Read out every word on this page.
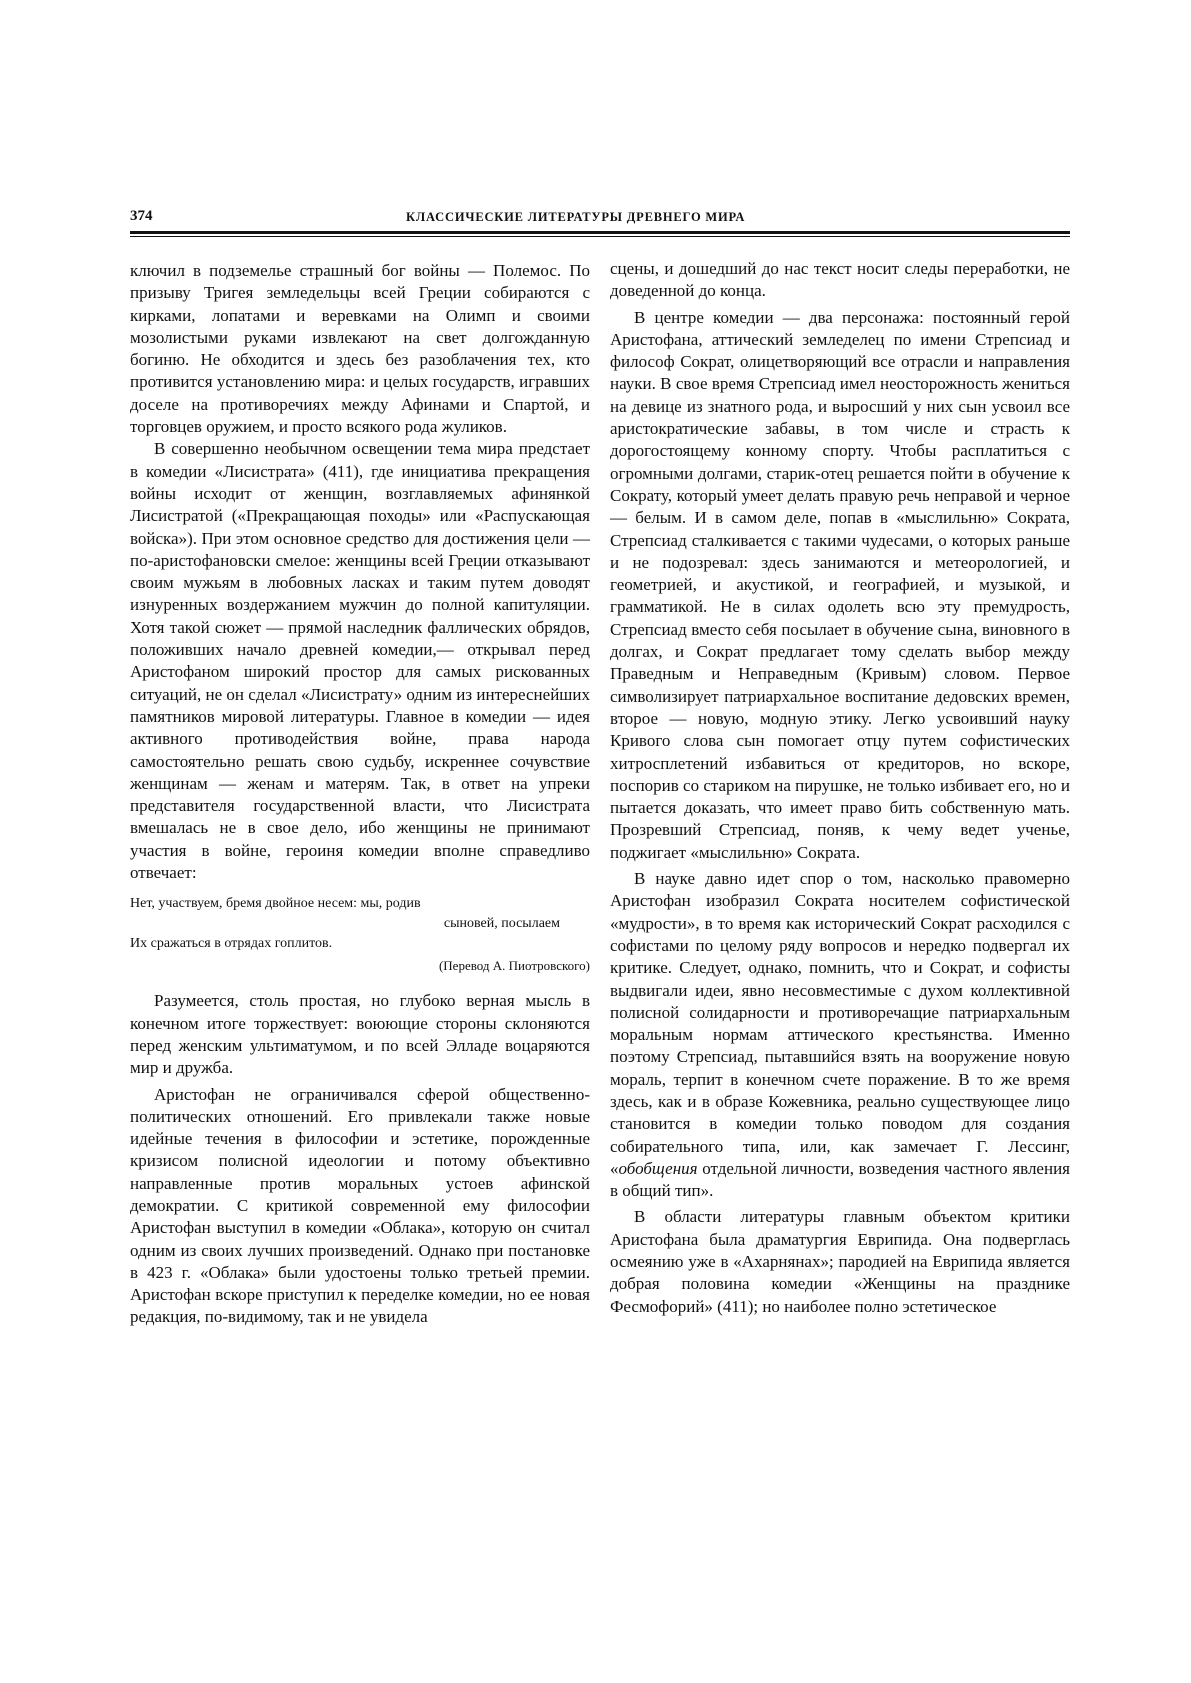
374	КЛАССИЧЕСКИЕ ЛИТЕРАТУРЫ ДРЕВНЕГО МИРА

ключил в подземелье страшный бог войны — Полемос. По призыву Тригея земледельцы всей Греции собираются с кирками, лопатами и веревками на Олимп и своими мозолистыми руками извлекают на свет долгожданную богиню. Не обходится и здесь без разоблачения тех, кто противится установлению мира: и целых государств, игравших доселе на противоречиях между Афинами и Спартой, и торговцев оружием, и просто всякого рода жуликов.

В совершенно необычном освещении тема мира предстает в комедии «Лисистрата» (411), где инициатива прекращения войны исходит от женщин, возглавляемых афинянкой Лисистратой («Прекращающая походы» или «Распускающая войска»). При этом основное средство для достижения цели — по-аристофановски смелое: женщины всей Греции отказывают своим мужьям в любовных ласках и таким путем доводят изнуренных воздержанием мужчин до полной капитуляции. Хотя такой сюжет — прямой наследник фаллических обрядов, положивших начало древней комедии,— открывал перед Аристофаном широкий простор для самых рискованных ситуаций, не он сделал «Лисистрату» одним из интереснейших памятников мировой литературы. Главное в комедии — идея активного противодействия войне, права народа самостоятельно решать свою судьбу, искреннее сочувствие женщинам — женам и матерям. Так, в ответ на упреки представителя государственной власти, что Лисистрата вмешалась не в свое дело, ибо женщины не принимают участия в войне, героиня комедии вполне справедливо отвечает:

Нет, участвуем, бремя двойное несем: мы, родив
сыновей, посылаем
Их сражаться в отрядах гоплитов.
(Перевод А. Пиотровского)

Разумеется, столь простая, но глубоко верная мысль в конечном итоге торжествует: воюющие стороны склоняются перед женским ультиматумом, и по всей Элладе воцаряются мир и дружба.

Аристофан не ограничивался сферой общественно-политических отношений. Его привлекали также новые идейные течения в философии и эстетике, порожденные кризисом полисной идеологии и потому объективно направленные против моральных устоев афинской демократии. С критикой современной ему философии Аристофан выступил в комедии «Облака», которую он считал одним из своих лучших произведений. Однако при постановке в 423 г. «Облака» были удостоены только третьей премии. Аристофан вскоре приступил к переделке комедии, но ее новая редакция, по-видимому, так и не увидела

сцены, и дошедший до нас текст носит следы переработки, не доведенной до конца.

В центре комедии — два персонажа: постоянный герой Аристофана, аттический земледелец по имени Стрепсиад и философ Сократ, олицетворяющий все отрасли и направления науки. В свое время Стрепсиад имел неосторожность жениться на девице из знатного рода, и выросший у них сын усвоил все аристократические забавы, в том числе и страсть к дорогостоящему конному спорту. Чтобы расплатиться с огромными долгами, старик-отец решается пойти в обучение к Сократу, который умеет делать правую речь неправой и черное — белым. И в самом деле, попав в «мыслильню» Сократа, Стрепсиад сталкивается с такими чудесами, о которых раньше и не подозревал: здесь занимаются и метеорологией, и геометрией, и акустикой, и географией, и музыкой, и грамматикой. Не в силах одолеть всю эту премудрость, Стрепсиад вместо себя посылает в обучение сына, виновного в долгах, и Сократ предлагает тому сделать выбор между Праведным и Неправедным (Кривым) словом. Первое символизирует патриархальное воспитание дедовских времен, второе — новую, модную этику. Легко усвоивший науку Кривого слова сын помогает отцу путем софистических хитросплетений избавиться от кредиторов, но вскоре, поспорив со стариком на пирушке, не только избивает его, но и пытается доказать, что имеет право бить собственную мать. Прозревший Стрепсиад, поняв, к чему ведет ученье, поджигает «мыслильню» Сократа.

В науке давно идет спор о том, насколько правомерно Аристофан изобразил Сократа носителем софистической «мудрости», в то время как исторический Сократ расходился с софистами по целому ряду вопросов и нередко подвергал их критике. Следует, однако, помнить, что и Сократ, и софисты выдвигали идеи, явно несовместимые с духом коллективной полисной солидарности и противоречащие патриархальным моральным нормам аттического крестьянства. Именно поэтому Стрепсиад, пытавшийся взять на вооружение новую мораль, терпит в конечном счете поражение. В то же время здесь, как и в образе Кожевника, реально существующее лицо становится в комедии только поводом для создания собирательного типа, или, как замечает Г. Лессинг, «обобщения отдельной личности, возведения частного явления в общий тип».

В области литературы главным объектом критики Аристофана была драматургия Еврипида. Она подверглась осмеянию уже в «Ахарнянах»; пародией на Еврипида является добрая половина комедии «Женщины на празднике Фесмофорий» (411); но наиболее полно эстетическое
